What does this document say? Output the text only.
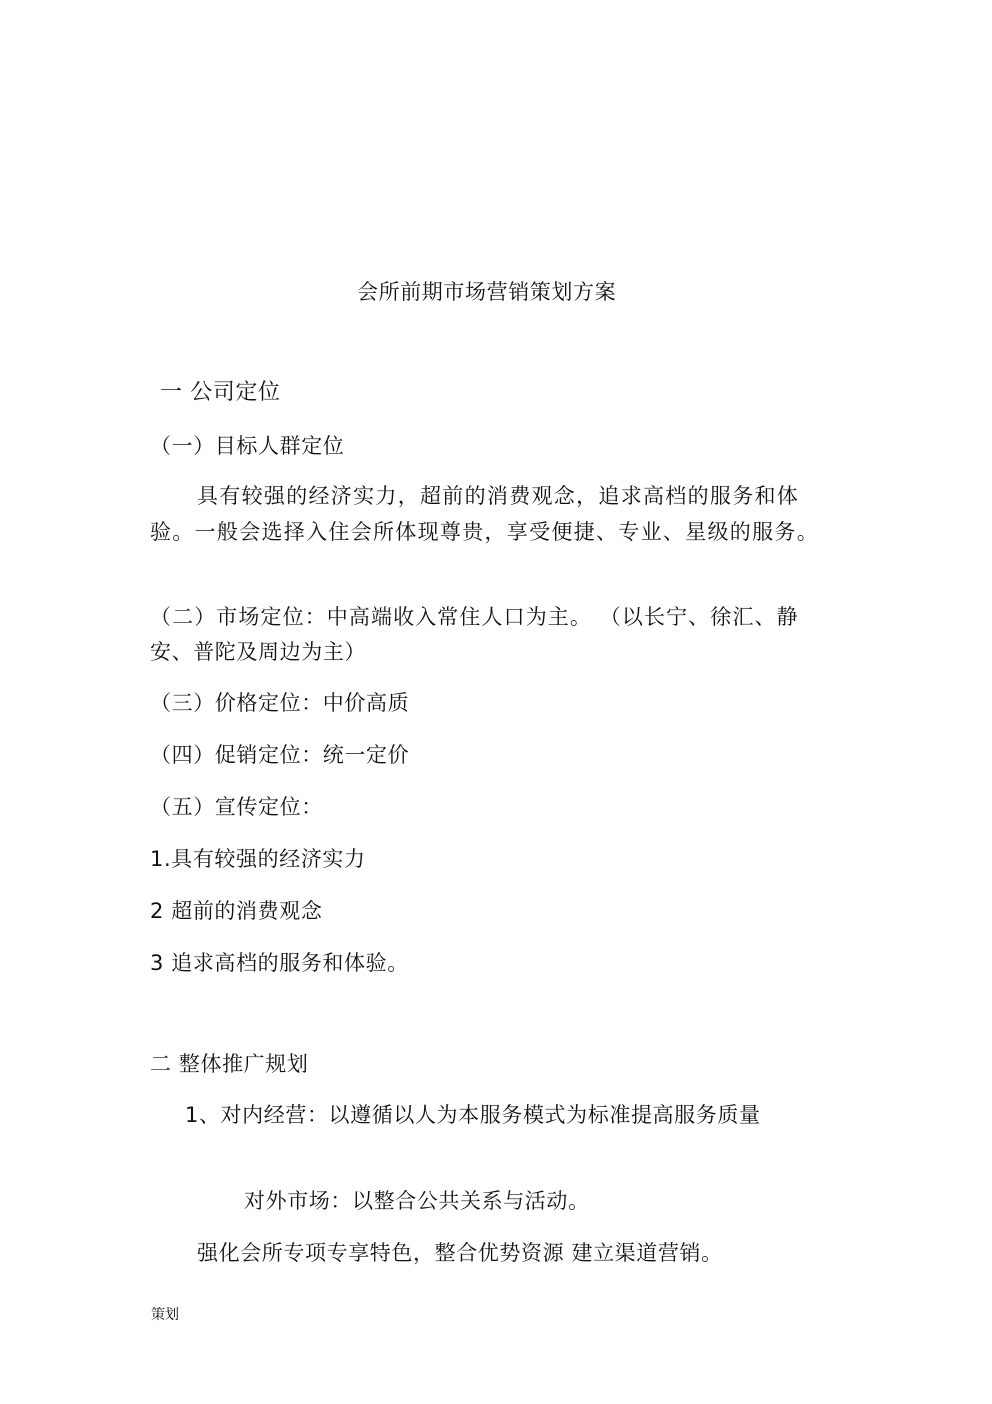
会所前期市场营销策划方案
一 公司定位
（一）目标人群定位
具有较强的经济实力，超前的消费观念，追求高档的服务和体
验。一般会选择入住会所体现尊贵，享受便捷、专业、星级的服务。
（二）市场定位：中高端收入常住人口为主。 （以长宁、徐汇、静
安、普陀及周边为主）
（三）价格定位：中价高质
（四）促销定位：统一定价
（五）宣传定位：
1.具有较强的经济实力
2 超前的消费观念
3 追求高档的服务和体验。
二 整体推广规划
1、对内经营：以遵循以人为本服务模式为标准提高服务质量
对外市场：以整合公共关系与活动。
强化会所专项专享特色，整合优势资源 建立渠道营销。
策划
